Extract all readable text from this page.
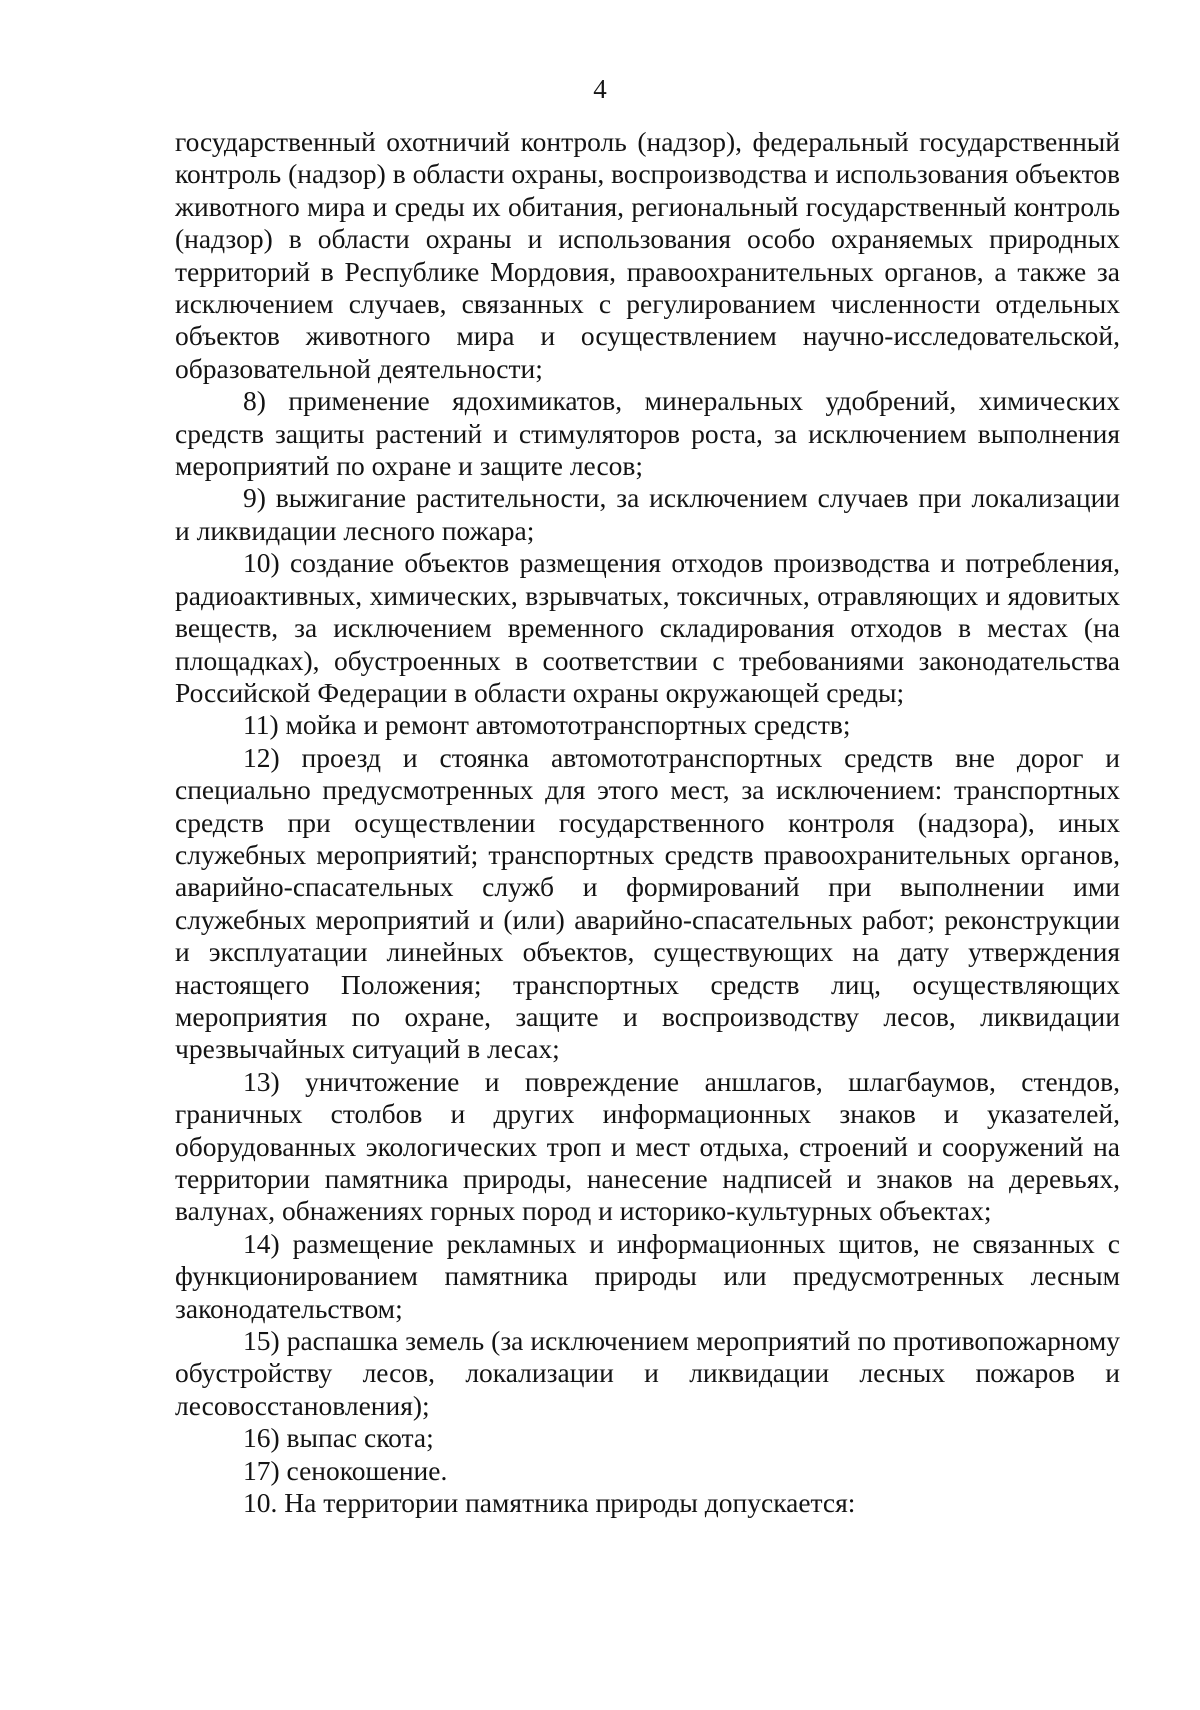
4

государственный охотничий контроль (надзор), федеральный государственный контроль (надзор) в области охраны, воспроизводства и использования объектов животного мира и среды их обитания, региональный государственный контроль (надзор) в области охраны и использования особо охраняемых природных территорий в Республике Мордовия, правоохранительных органов, а также за исключением случаев, связанных с регулированием численности отдельных объектов животного мира и осуществлением научно-исследовательской, образовательной деятельности;

8) применение ядохимикатов, минеральных удобрений, химических средств защиты растений и стимуляторов роста, за исключением выполнения мероприятий по охране и защите лесов;

9) выжигание растительности, за исключением случаев при локализации и ликвидации лесного пожара;

10) создание объектов размещения отходов производства и потребления, радиоактивных, химических, взрывчатых, токсичных, отравляющих и ядовитых веществ, за исключением временного складирования отходов в местах (на площадках), обустроенных в соответствии с требованиями законодательства Российской Федерации в области охраны окружающей среды;

11) мойка и ремонт автомототранспортных средств;

12) проезд и стоянка автомототранспортных средств вне дорог и специально предусмотренных для этого мест, за исключением: транспортных средств при осуществлении государственного контроля (надзора), иных служебных мероприятий; транспортных средств правоохранительных органов, аварийно-спасательных служб и формирований при выполнении ими служебных мероприятий и (или) аварийно-спасательных работ; реконструкции и эксплуатации линейных объектов, существующих на дату утверждения настоящего Положения; транспортных средств лиц, осуществляющих мероприятия по охране, защите и воспроизводству лесов, ликвидации чрезвычайных ситуаций в лесах;

13) уничтожение и повреждение аншлагов, шлагбаумов, стендов, граничных столбов и других информационных знаков и указателей, оборудованных экологических троп и мест отдыха, строений и сооружений на территории памятника природы, нанесение надписей и знаков на деревьях, валунах, обнажениях горных пород и историко-культурных объектах;

14) размещение рекламных и информационных щитов, не связанных с функционированием памятника природы или предусмотренных лесным законодательством;

15) распашка земель (за исключением мероприятий по противопожарному обустройству лесов, локализации и ликвидации лесных пожаров и лесовосстановления);

16) выпас скота;

17) сенокошение.

10. На территории памятника природы допускается:
